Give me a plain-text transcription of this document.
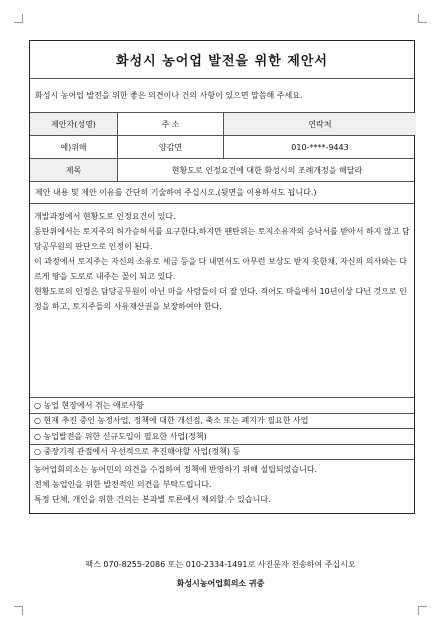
화성시 농어업 발전을 위한 제안서
화성시 농어업 발전을 위한 좋은 의견이나 건의 사항이 있으면 말씀해 주세요.
제안자(성명)	주 소	연락처
예)위해	양감면	010-****-9443
제목	현황도로 인정요건에 대한 화성시의 조례개정을 해달라
제안 내용 및 제안 이유를 간단히 기술하여 주십시오.(뒷면을 이용하셔도 됩니다.)

개발과정에서 현황도로 인정요건이 있다.

동탄위에서는 토지주의 허가승허서를 요구한다.하지만 팬탄위는 토지소유자의 승낙서를 받아서 하지 않고 담당공무원의 판단으로 인정이 된다.

이 과정에서 토지주는 자신의 소유로 세금 등을 다 내면서도 아무런 보상도 받지 못한채, 자신의 의사와는 다르게 땅을 도로로 내주는 꼴이 되고 있다.

현황도로의 인정은 담당공무원이 아닌 마을 사람들이 더 잘 안다. 적어도 마을에서 10년이상 다닌 것으로 인정을 하고, 토지주들의 사유재산권을 보장하여야 한다.

○ 농업 현장에서 겪는 애로사항
○ 현재 추진 중인 농정사업, 정책에 대한 개선점, 축소 또는 폐지가 필요한 사업
○ 농업발전을 위한 신규도입이 필요한 사업(정책)
○ 중장기적 관점에서 우선적으로 추진해야할 사업(정책) 등

농어업회의소는 농어민의 의견을 수집하여 정책에 반영하기 위해 설립되었습니다.

전체 농업인을 위한 발전적인 의견을 부탁드립니다.

특정 단체, 개인을 위한 건의는 본과별 토론에서 제외할 수 있습니다.

팩스 070-8255-2086 또는 010-2334-1491로 사진문자 전송하여 주십시오
화성시농어업회의소 귀중
